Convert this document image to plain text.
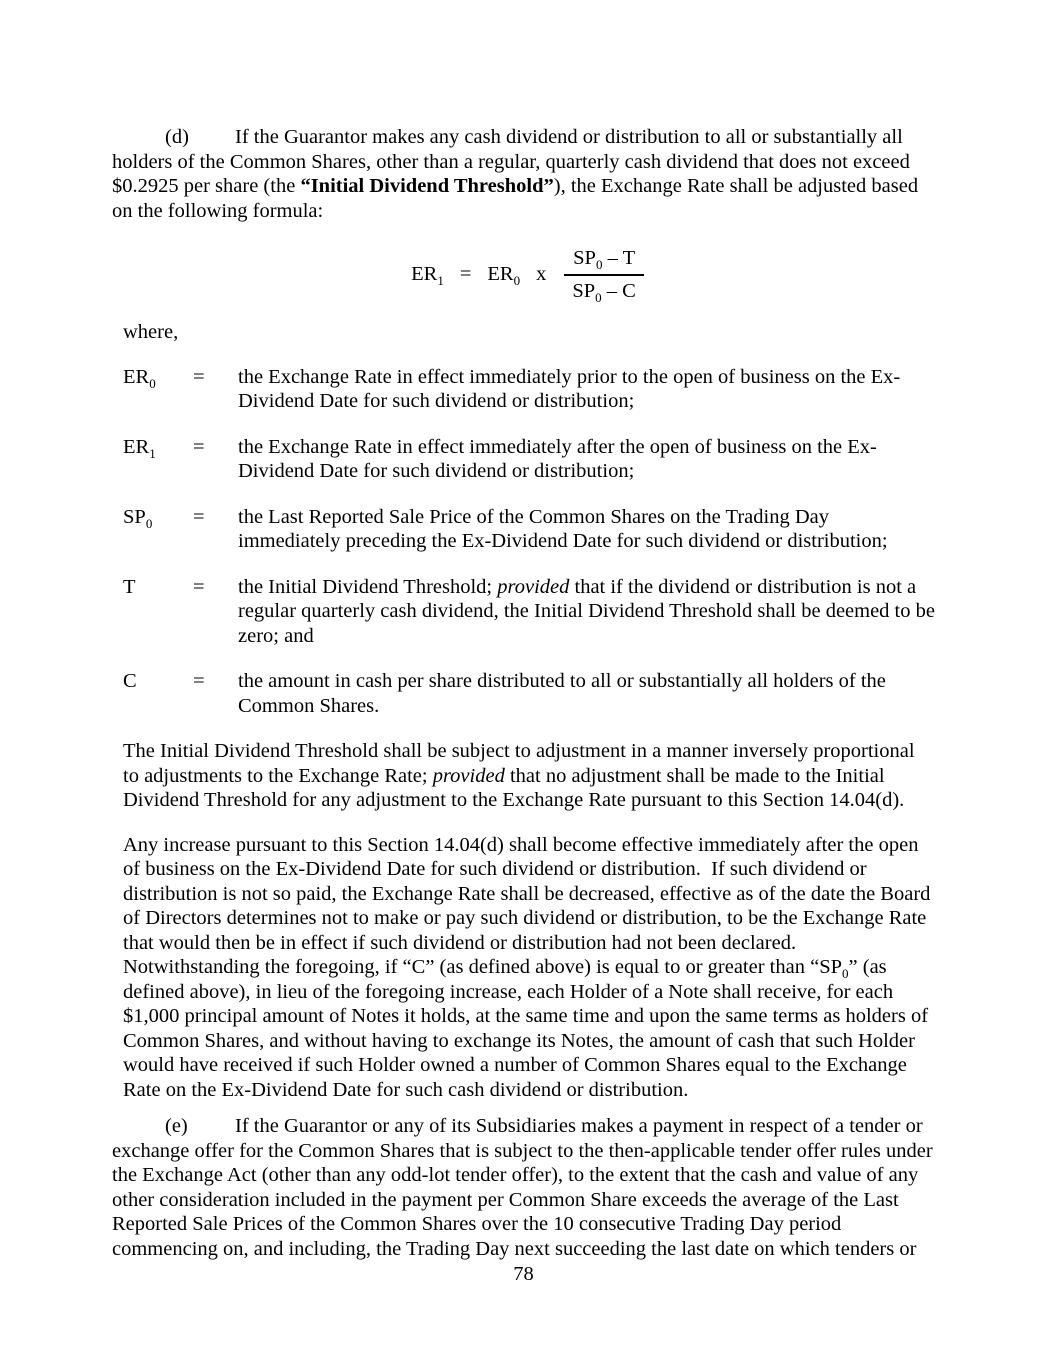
(d) If the Guarantor makes any cash dividend or distribution to all or substantially all holders of the Common Shares, other than a regular, quarterly cash dividend that does not exceed $0.2925 per share (the “Initial Dividend Threshold”), the Exchange Rate shall be adjusted based on the following formula:

$ER_1 = ER_0$ x $\frac{SP_0 - T}{SP_0 - C}$

where,

$ER_0$	=	the Exchange Rate in effect immediately prior to the open of business on the Ex-Dividend Date for such dividend or distribution;
$ER_1$	=	the Exchange Rate in effect immediately after the open of business on the Ex-Dividend Date for such dividend or distribution;
$SP_0$	=	the Last Reported Sale Price of the Common Shares on the Trading Day immediately preceding the Ex-Dividend Date for such dividend or distribution;
T	=	the Initial Dividend Threshold; provided that if the dividend or distribution is not a regular quarterly cash dividend, the Initial Dividend Threshold shall be deemed to be zero; and
C	=	the amount in cash per share distributed to all or substantially all holders of the Common Shares.

The Initial Dividend Threshold shall be subject to adjustment in a manner inversely proportional to adjustments to the Exchange Rate; provided that no adjustment shall be made to the Initial Dividend Threshold for any adjustment to the Exchange Rate pursuant to this Section 14.04(d).

Any increase pursuant to this Section 14.04(d) shall become effective immediately after the open of business on the Ex-Dividend Date for such dividend or distribution.  If such dividend or distribution is not so paid, the Exchange Rate shall be decreased, effective as of the date the Board of Directors determines not to make or pay such dividend or distribution, to be the Exchange Rate that would then be in effect if such dividend or distribution had not been declared.  Notwithstanding the foregoing, if “C” (as defined above) is equal to or greater than “$SP_0$” (as defined above), in lieu of the foregoing increase, each Holder of a Note shall receive, for each $1,000 principal amount of Notes it holds, at the same time and upon the same terms as holders of Common Shares, and without having to exchange its Notes, the amount of cash that such Holder would have received if such Holder owned a number of Common Shares equal to the Exchange Rate on the Ex-Dividend Date for such cash dividend or distribution.

(e) If the Guarantor or any of its Subsidiaries makes a payment in respect of a tender or exchange offer for the Common Shares that is subject to the then-applicable tender offer rules under the Exchange Act (other than any odd-lot tender offer), to the extent that the cash and value of any other consideration included in the payment per Common Share exceeds the average of the Last Reported Sale Prices of the Common Shares over the 10 consecutive Trading Day period commencing on, and including, the Trading Day next succeeding the last date on which tenders or

78
